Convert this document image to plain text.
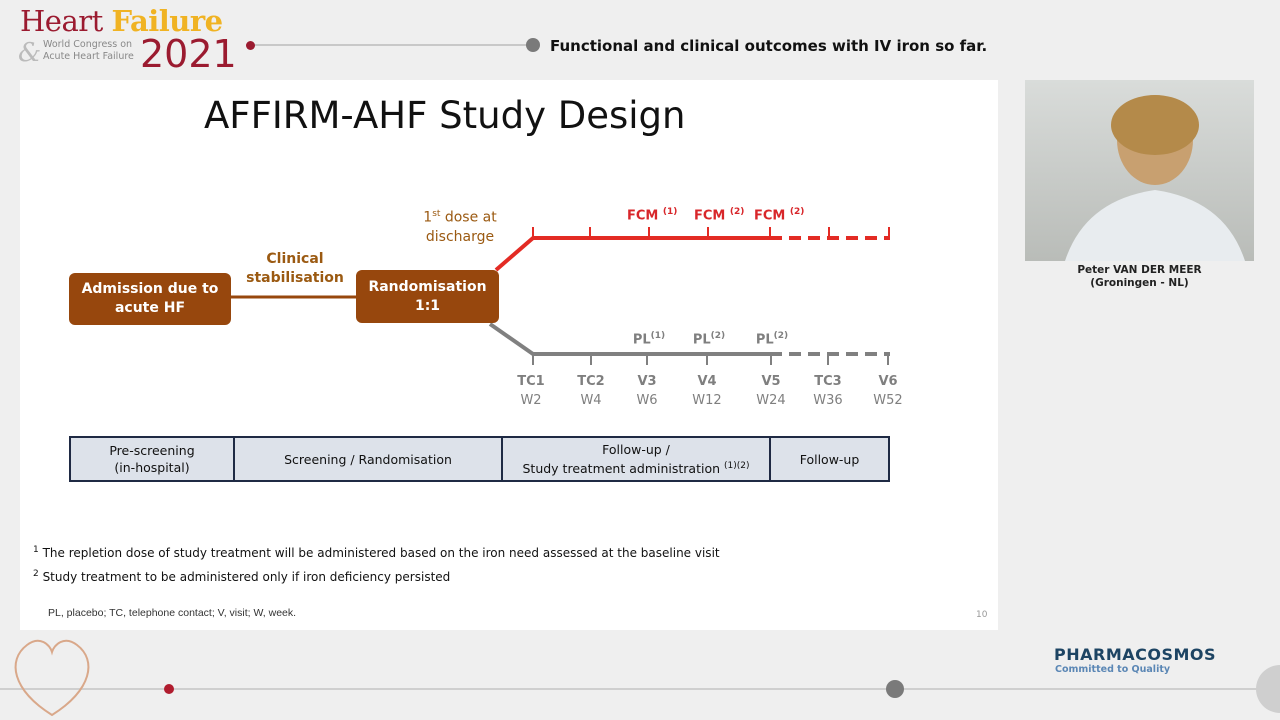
Heart Failure
& World Congress on
Acute Heart Failure 2021	Functional and clinical outcomes with IV iron so far.
AFFIRM-AHF Study Design
Admission due to acute HF
Clinical stabilisation
Randomisation 1:1
1st dose at
discharge
FCM $^{(1)}$ FCM $^{(2)}$ FCM $^{(2)}$
PL$^{(1)}$	PL$^{(2)}$	PL$^{(2)}$
TC1
W2
TC2
W4
V3
W6
V4
W12
V5
W24
TC3
W36
V6
W52
Pre-screening
(in-hospital)
Screening / Randomisation
Follow-up /
Study treatment administration $^{(1)(2)}$	Follow-up
$^1$ The repletion dose of study treatment will be administered based on the iron need assessed at the baseline visit
$^2$ Study treatment to be administered only if iron deficiency persisted
PL, placebo; TC, telephone contact; V, visit; W, week.	10
Peter VAN DER MEER
(Groningen - NL)
PHARMACOSMOS
Committed to Quality
